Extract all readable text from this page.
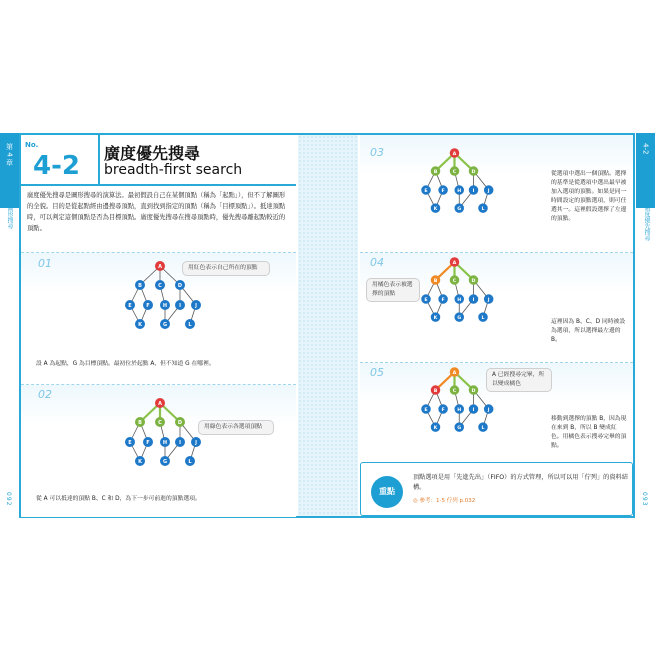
第 4 章
圖形搜尋
4-2
廣度優先搜尋
092	093
No.
4-2 廣度優先搜尋
breadth-first search
廣度優先搜尋是圖形搜尋的演算法。最初假設自己在某個頂點（稱為「起點」），但不了解圖形的全貌。目的是從起點經由邊搜尋頂點，直到找到指定的頂點（稱為「目標頂點」）。抵達頂點時，可以判定這個頂點是否為目標頂點。廣度優先搜尋在搜尋頂點時，優先搜尋離起點較近的頂點。
01
02
03
04
05
A
B	C	D
E	F	H I	J
K	G	L
A
B	C	D
E	F	H I	J
K	G	L
A
B	C	D
E	F	H I	J
K	G	L
A
B	C	D
E	F	H I	J
K	G	L
A
B	C	D
E	F	H I	J
K	G	L
用紅色表示自己所在的頂點
用綠色表示各選項頂點
用橘色表示被選擇的頂點
A 已經搜尋完畢，所以變成橘色
設 A 為起點，G 為目標頂點。最初位於起點 A，但不知道 G 在哪裡。
從 A 可以抵達的頂點 B、C 和 D，為下一步可前進的頂點選項。
從選項中選出一個頂點。選擇的基準是從選項中選出最早被加入選項的頂點。如果是同一時間設定的頂點選項，則可任選其一。這裡假設選擇了左邊的頂點。
這裡因為 B、C、D 同時被設為選項，所以選擇最左邊的 B。
移動到選擇的頂點 B，因為現在來到 B，所以 B 變成紅色。用橘色表示搜尋完畢的頂點。
重點
頂點選項是用「先進先出」（FIFO）的方式管理，所以可以用「佇列」的資料結構。
◎ 參考：1-5 佇列 p.032
